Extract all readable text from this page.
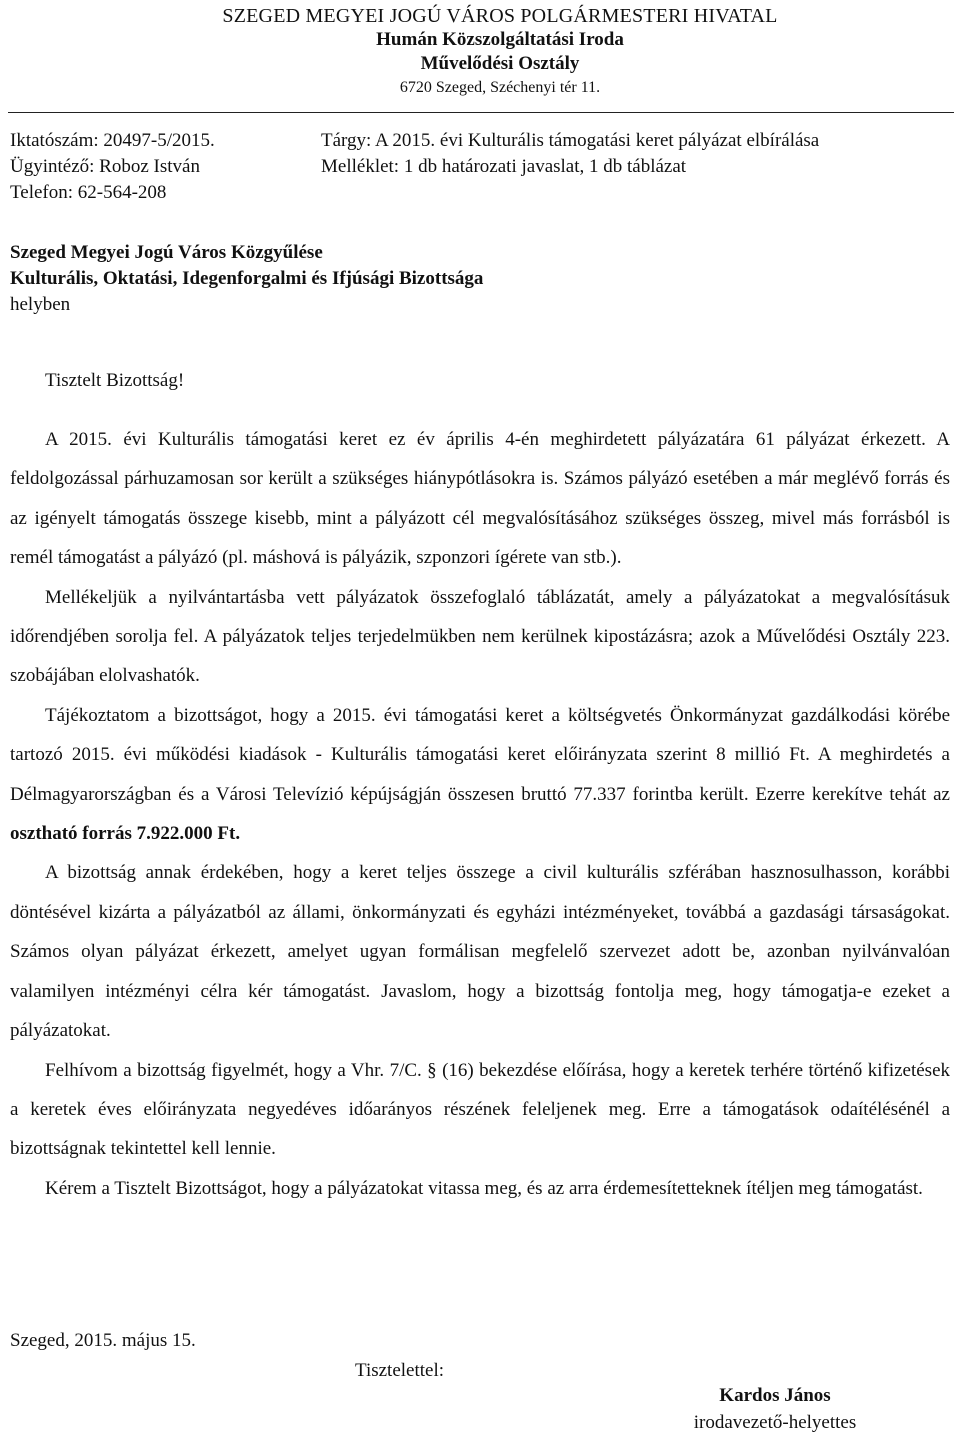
SZEGED MEGYEI JOGÚ VÁROS POLGÁRMESTERI HIVATAL
Humán Közszolgáltatási Iroda
Művelődési Osztály
6720 Szeged, Széchenyi tér 11.
Iktatószám: 20497-5/2015.
Ügyintéző: Roboz István
Telefon: 62-564-208
Tárgy: A 2015. évi Kulturális támogatási keret pályázat elbírálása
Melléklet: 1 db határozati javaslat, 1 db táblázat
Szeged Megyei Jogú Város Közgyűlése
Kulturális, Oktatási, Idegenforgalmi és Ifjúsági Bizottsága
helyben
Tisztelt Bizottság!

A 2015. évi Kulturális támogatási keret ez év április 4-én meghirdetett pályázatára 61 pályázat érkezett. A feldolgozással párhuzamosan sor került a szükséges hiánypótlásokra is. Számos pályázó esetében a már meglévő forrás és az igényelt támogatás összege kisebb, mint a pályázott cél megvalósításához szükséges összeg, mivel más forrásból is remél támogatást a pályázó (pl. máshová is pályázik, szponzori ígérete van stb.).

Mellékeljük a nyilvántartásba vett pályázatok összefoglaló táblázatát, amely a pályázatokat a megvalósításuk időrendjében sorolja fel. A pályázatok teljes terjedelmükben nem kerülnek kipostázásra; azok a Művelődési Osztály 223. szobájában elolvashatók.

Tájékoztatom a bizottságot, hogy a 2015. évi támogatási keret a költségvetés Önkormányzat gazdálkodási körébe tartozó 2015. évi működési kiadások - Kulturális támogatási keret előirányzata szerint 8 millió Ft. A meghirdetés a Délmagyarországban és a Városi Televízió képújságján összesen bruttó 77.337 forintba került. Ezerre kerekítve tehát az osztható forrás 7.922.000 Ft.

A bizottság annak érdekében, hogy a keret teljes összege a civil kulturális szférában hasznosulhasson, korábbi döntésével kizárta a pályázatból az állami, önkormányzati és egyházi intézményeket, továbbá a gazdasági társaságokat. Számos olyan pályázat érkezett, amelyet ugyan formálisan megfelelő szervezet adott be, azonban nyilvánvalóan valamilyen intézményi célra kér támogatást. Javaslom, hogy a bizottság fontolja meg, hogy támogatja-e ezeket a pályázatokat.

Felhívom a bizottság figyelmét, hogy a Vhr. 7/C. § (16) bekezdése előírása, hogy a keretek terhére történő kifizetések a keretek éves előirányzata negyedéves időarányos részének feleljenek meg. Erre a támogatások odaítélésénél a bizottságnak tekintettel kell lennie.

Kérem a Tisztelt Bizottságot, hogy a pályázatokat vitassa meg, és az arra érdemesítetteknek ítéljen meg támogatást.

Szeged, 2015. május 15.
Tisztelettel:
Kardos János
irodavezető-helyettes
